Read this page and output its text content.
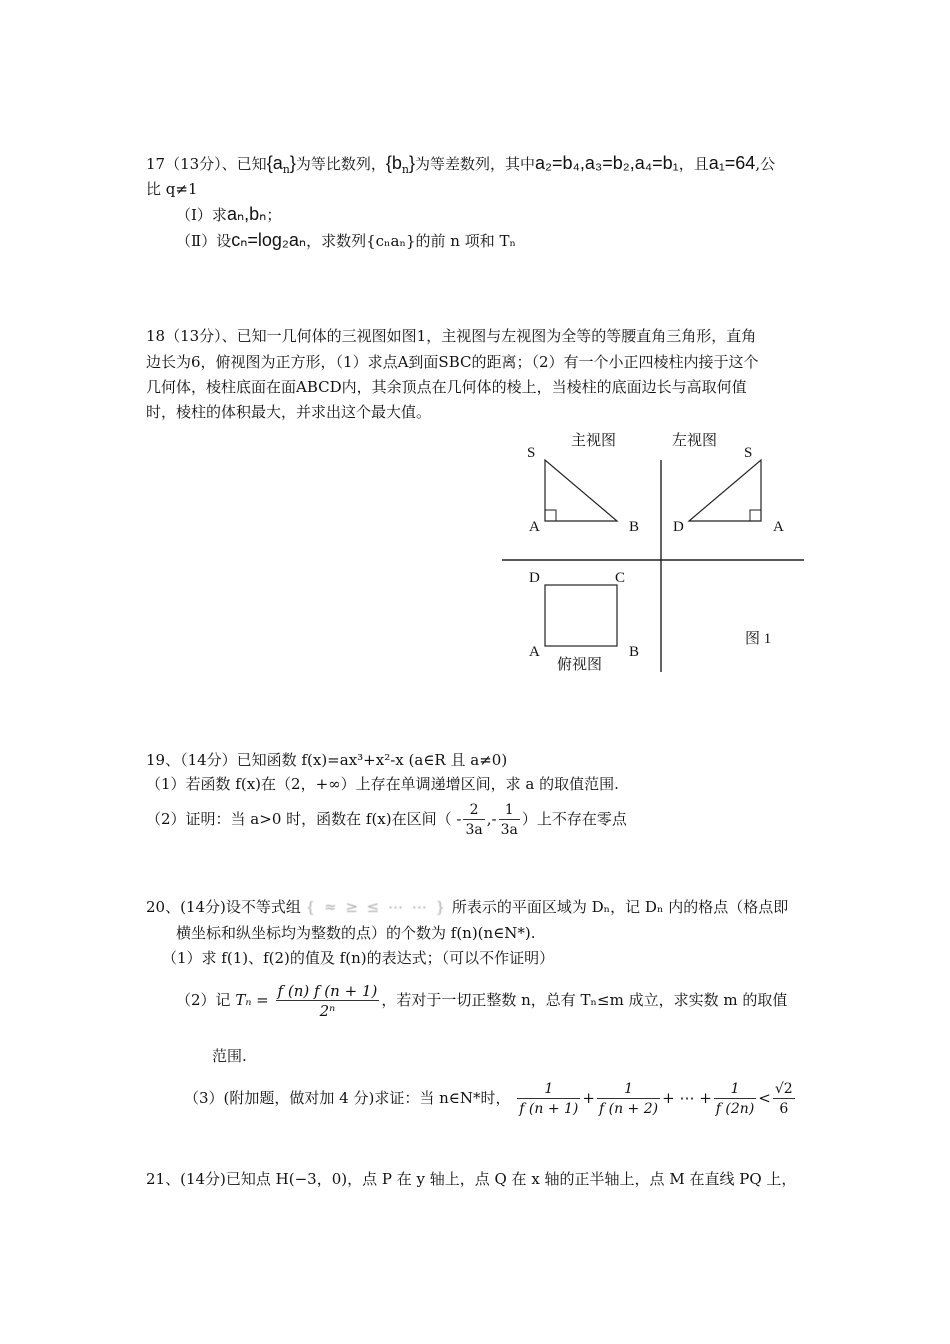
17（13分）、已知$\{a_n\}$为等比数列，$\{b_n\}$为等差数列，其中a₂=b₄,a₃=b₂,a₄=b₁，且a₁=64,公
比 q≠1
（Ⅰ）求aₙ,bₙ；
（Ⅱ）设cₙ=log₂aₙ，求数列{cₙaₙ}的前 n 项和 Tₙ
18（13分）、已知一几何体的三视图如图1，主视图与左视图为全等的等腰直角三角形，直角
边长为6，俯视图为正方形，（1）求点A到面SBC的距离；（2）有一个小正四棱柱内接于这个
几何体，棱柱底面在面ABCD内，其余顶点在几何体的棱上，当棱柱的底面边长与高取何值
时，棱柱的体积最大，并求出这个最大值。
主视图	左视图
俯视图
图 1
S
A	B
S
D	A
D	C
A	B
19、（14分）已知函数 f(x)=ax³+x²-x (a∈R 且 a≠0)
（1）若函数 f(x)在（2，+∞）上存在单调递增区间，求 a 的取值范围.
（2）证明：当 a>0 时，函数在 f(x)在区间（ - $\frac{2}{3a}$ ,- $\frac{1}{3a}$ ）上不存在零点
20、(14分)设不等式组 { ≈ ≥ ≤ ⋯ ⋯ } 所表示的平面区域为 Dₙ，记 Dₙ 内的格点（格点即
横坐标和纵坐标均为整数的点）的个数为 f(n)(n∈N*).
（1）求 f(1)、f(2)的值及 f(n)的表达式；（可以不作证明）
（2）记 $T_n = \frac{f (n) f (n + 1)}{\text{2ⁿ}}$ ，若对于一切正整数 n，总有 Tₙ≤m 成立，求实数 m 的取值
范围.
（3）(附加题，做对加 4 分)求证：当 n∈N*时， $\frac{1}{f (n + 1)} + \frac{1}{f (n + 2)}$ + ⋯ + $\frac{1}{f (2n)} < \frac{√2}{6}$
21、(14分)已知点 H(−3，0)，点 P 在 y 轴上，点 Q 在 x 轴的正半轴上，点 M 在直线 PQ 上，
